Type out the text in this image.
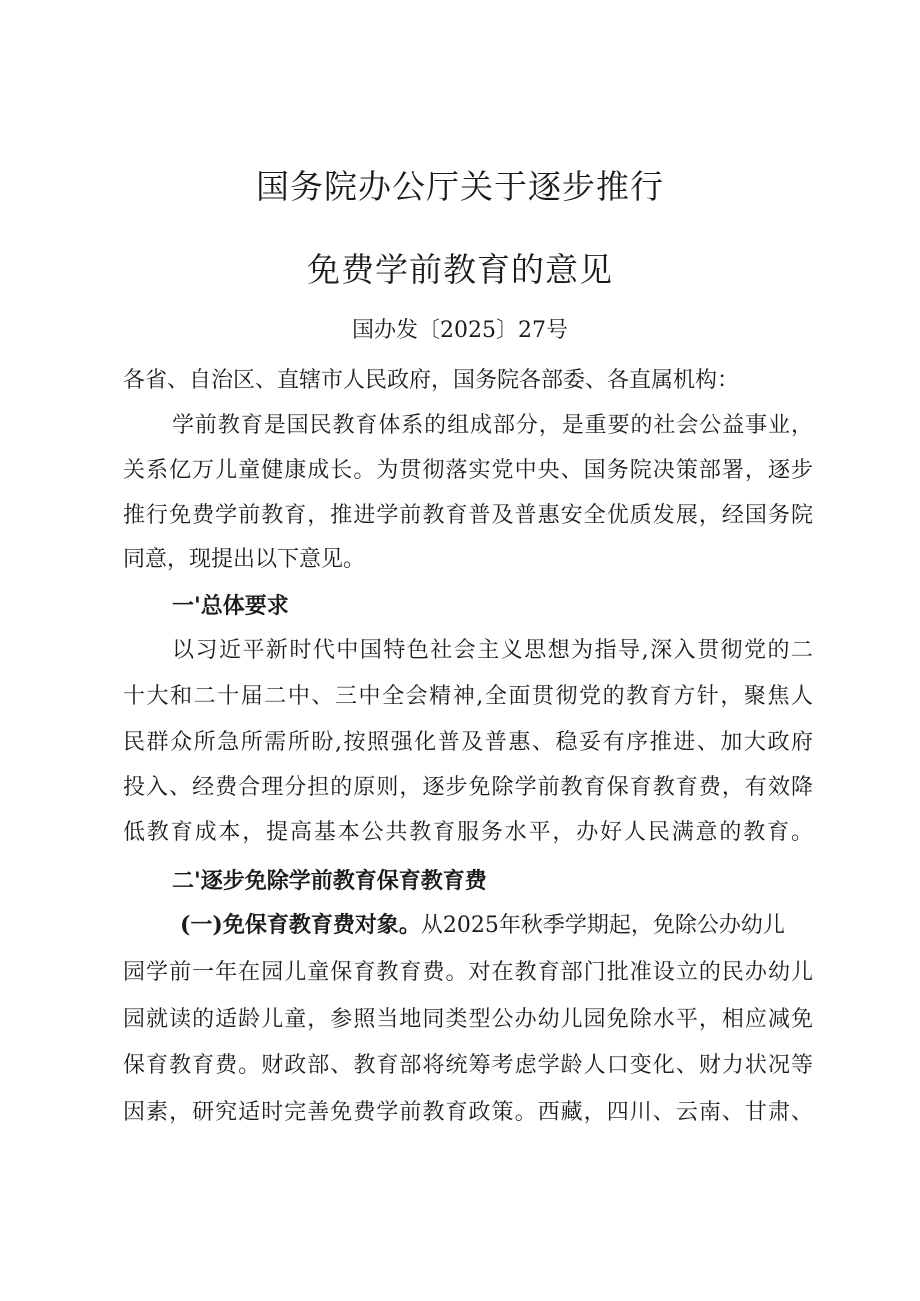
国务院办公厅关于逐步推行
免费学前教育的意见
国办发〔2025〕27号
各省、自治区、直辖市人民政府，国务院各部委、各直属机构：
学前教育是国民教育体系的组成部分，是重要的社会公益事业，
关系亿万儿童健康成长。为贯彻落实党中央、国务院决策部署，逐步
推行免费学前教育，推进学前教育普及普惠安全优质发展，经国务院
同意，现提出以下意见。
一'总体要求
以习近平新时代中国特色社会主义思想为指导,深入贯彻党的二
十大和二十届二中、三中全会精神,全面贯彻党的教育方针，聚焦人
民群众所急所需所盼,按照强化普及普惠、稳妥有序推进、加大政府
投入、经费合理分担的原则，逐步免除学前教育保育教育费，有效降
低教育成本，提高基本公共教育服务水平，办好人民满意的教育。
二'逐步免除学前教育保育教育费
(一)免保育教育费对象。从2025年秋季学期起，免除公办幼儿
园学前一年在园儿童保育教育费。对在教育部门批准设立的民办幼儿
园就读的适龄儿童，参照当地同类型公办幼儿园免除水平，相应减免
保育教育费。财政部、教育部将统筹考虑学龄人口变化、财力状况等
因素，研究适时完善免费学前教育政策。西藏，四川、云南、甘肃、
